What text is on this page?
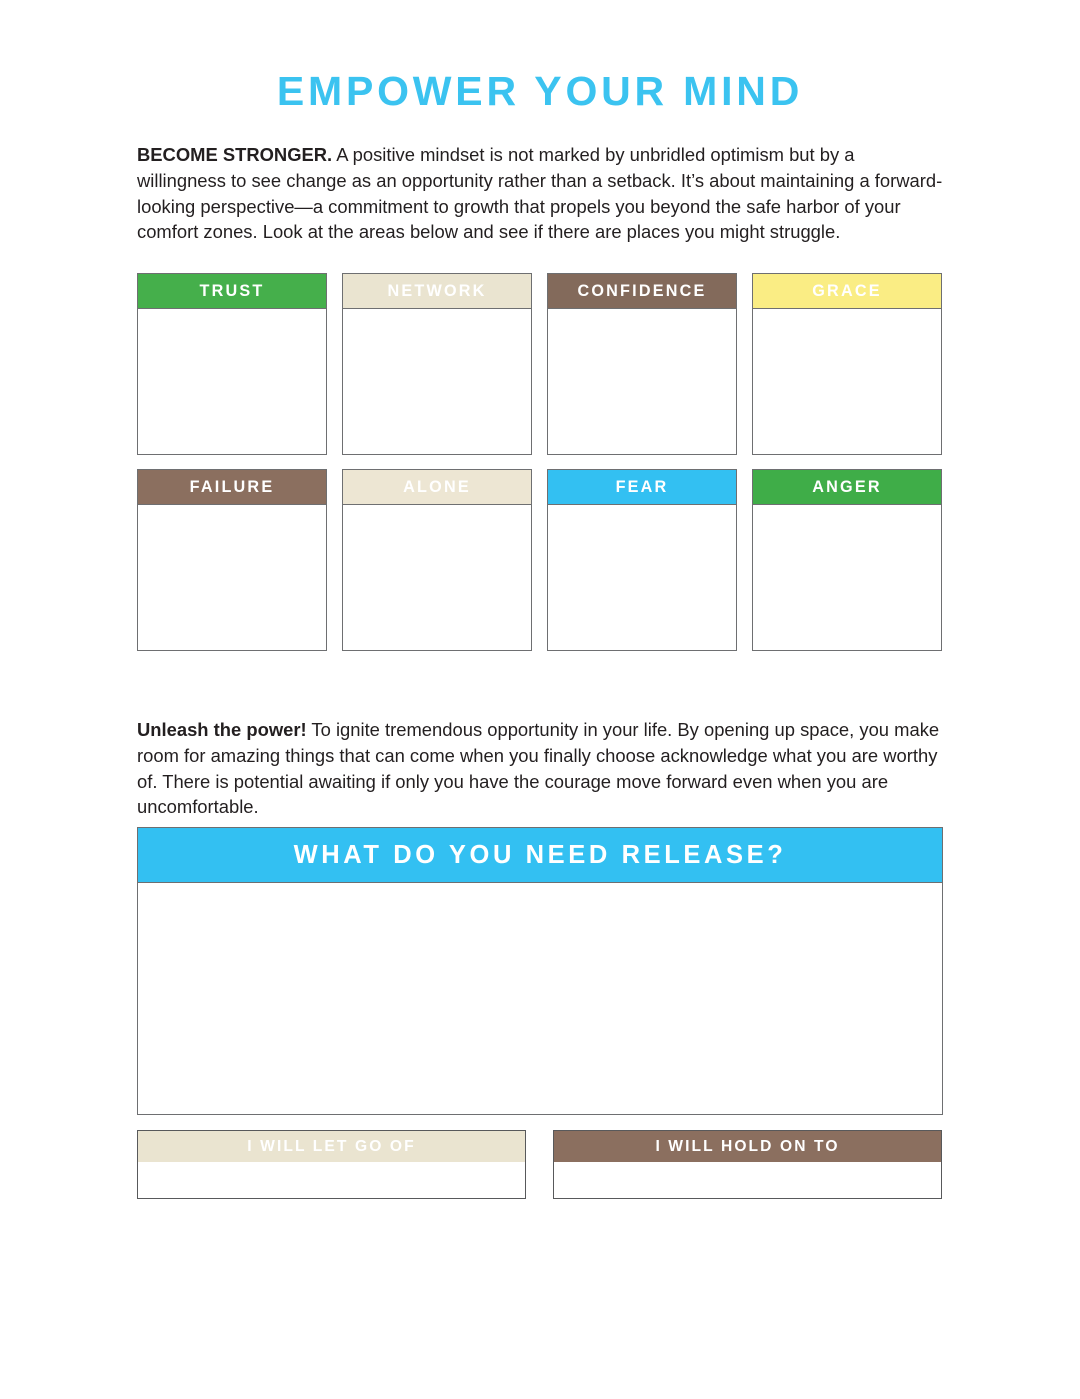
EMPOWER YOUR MIND

BECOME STRONGER. A positive mindset is not marked by unbridled optimism but by a willingness to see change as an opportunity rather than a setback. It’s about maintaining a forward-looking perspective—a commitment to growth that propels you beyond the safe harbor of your comfort zones. Look at the areas below and see if there are places you might struggle.

TRUST	NETWORK	CONFIDENCE	GRACE
FAILURE	ALONE	FEAR	ANGER

Unleash the power! To ignite tremendous opportunity in your life. By opening up space, you make room for amazing things that can come when you finally choose acknowledge what you are worthy of. There is potential awaiting if only you have the courage move forward even when you are uncomfortable.

WHAT DO YOU NEED RELEASE?
I WILL LET GO OF	I WILL HOLD ON TO
